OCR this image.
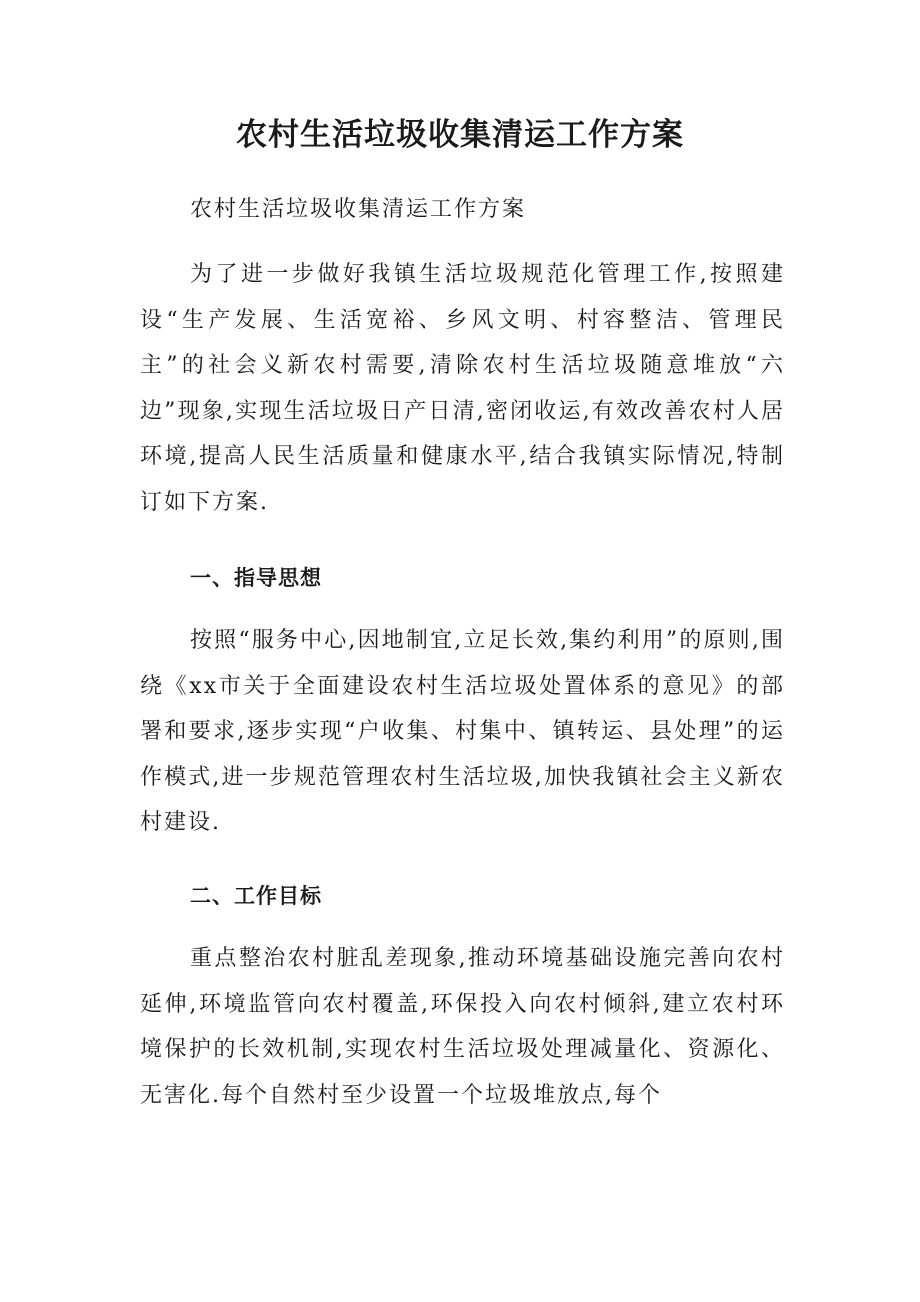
农村生活垃圾收集清运工作方案
农村生活垃圾收集清运工作方案

为了进一步做好我镇生活垃圾规范化管理工作,按照建设“生产发展、生活宽裕、乡风文明、村容整洁、管理民主”的社会义新农村需要,清除农村生活垃圾随意堆放“六边”现象,实现生活垃圾日产日清,密闭收运,有效改善农村人居环境,提高人民生活质量和健康水平,结合我镇实际情况,特制订如下方案.

一、指导思想

按照“服务中心,因地制宜,立足长效,集约利用”的原则,围绕《xx市关于全面建设农村生活垃圾处置体系的意见》的部署和要求,逐步实现“户收集、村集中、镇转运、县处理”的运作模式,进一步规范管理农村生活垃圾,加快我镇社会主义新农村建设.

二、工作目标

重点整治农村脏乱差现象,推动环境基础设施完善向农村延伸,环境监管向农村覆盖,环保投入向农村倾斜,建立农村环境保护的长效机制,实现农村生活垃圾处理减量化、资源化、无害化.每个自然村至少设置一个垃圾堆放点,每个
